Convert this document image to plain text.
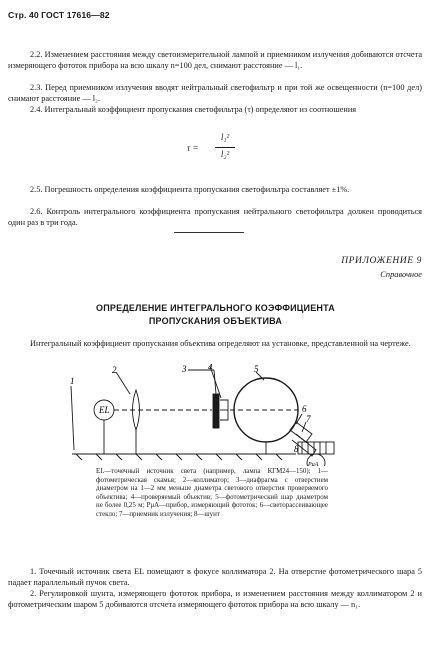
Стр. 40 ГОСТ 17616—82
2.2. Изменением расстояния между светоизмерительной лампой и приемником излучения добиваются отсчета измеряющего фототок прибора на всю шкалу n=100 дел, снимают расстояние — l₁.
2.3. Перед приемником излучения вводят нейтральный светофильтр и при той же освещенности (n=100 дел) снимают расстояние — l₂.
2.4. Интегральный коэффициент пропускания светофильтра (τ) определяют из соотношения
τ =
l₁²
l₂²
2.5. Погрешность определения коэффициента пропускания светофильтра составляет ±1%.
2.6. Контроль интегрального коэффициента пропускания нейтрального светофильтра должен проводиться один раз в три года.
ПРИЛОЖЕНИЕ 9
Справочное
ОПРЕДЕЛЕНИЕ ИНТЕГРАЛЬНОГО КОЭФФИЦИЕНТА
ПРОПУСКАНИЯ ОБЪЕКТИВА
Интегральный коэффициент пропускания объектива определяют на установке, представленной на чертеже.
EL
PμA
1
2	3 4	5
6
7
8
EL—точечный источник света (например, лампа КГМ24—150); 1—фотометрическая скамья; 2—коллиматор; 3—диафрагма с отверстием диаметром на 1—2 мм меньше диаметра светового отверстия проверяемого объектива; 4—проверяемый объектив; 5—фотометрический шар диаметром не более 0,25 м; PμA—прибор, измеряющий фототок; 6—светорассеивающее стекло; 7—приемник излучения; 8—шунт
1. Точечный источник света EL помещают в фокусе коллиматора 2. На отверстие фотометрического шара 5 падает параллельный пучок света.
2. Регулировкой шунта, измеряющего фототок прибора, и изменением расстояния между коллиматором 2 и фотометрическим шаром 5 добиваются отсчета измеряющего фототок прибора на всю шкалу — n₁.
